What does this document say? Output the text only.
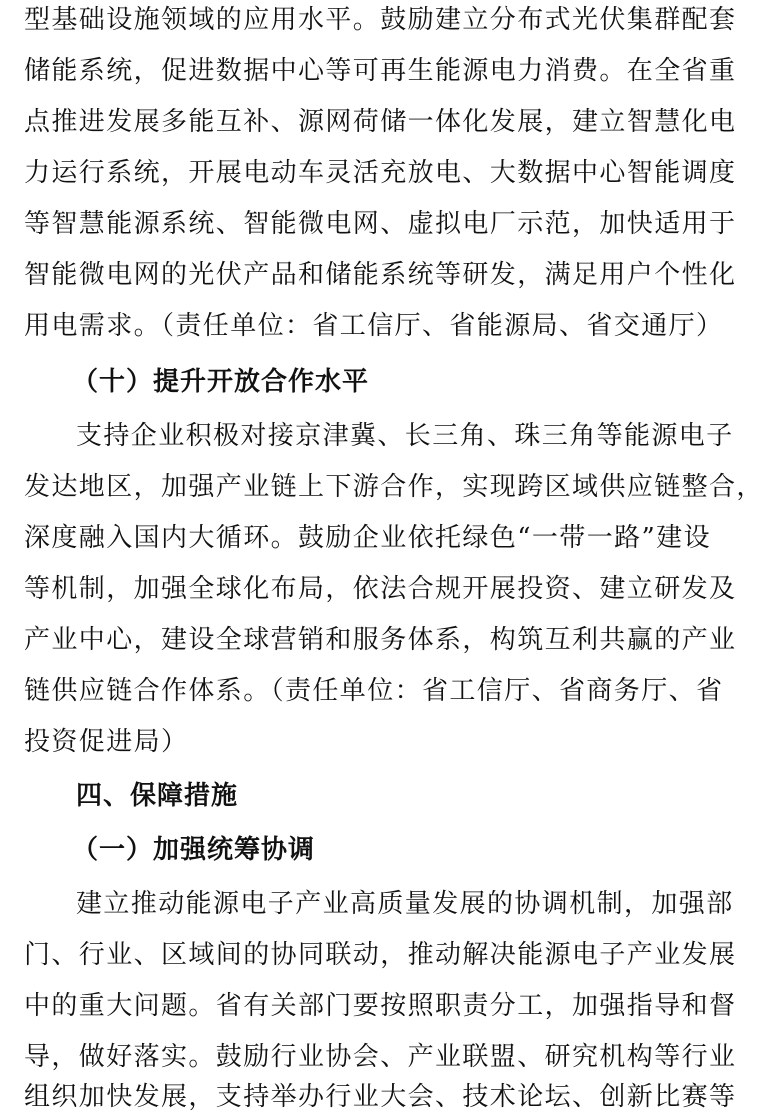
型基础设施领域的应用水平。鼓励建立分布式光伏集群配套
储能系统，促进数据中心等可再生能源电力消费。在全省重
点推进发展多能互补、源网荷储一体化发展，建立智慧化电
力运行系统，开展电动车灵活充放电、大数据中心智能调度
等智慧能源系统、智能微电网、虚拟电厂示范，加快适用于
智能微电网的光伏产品和储能系统等研发，满足用户个性化
用电需求。（责任单位：省工信厅、省能源局、省交通厅）
（十）提升开放合作水平
支持企业积极对接京津冀、长三角、珠三角等能源电子
发达地区，加强产业链上下游合作，实现跨区域供应链整合，
深度融入国内大循环。鼓励企业依托绿色“一带一路”建设
等机制，加强全球化布局，依法合规开展投资、建立研发及
产业中心，建设全球营销和服务体系，构筑互利共赢的产业
链供应链合作体系。（责任单位：省工信厅、省商务厅、省
投资促进局）
四、保障措施
（一）加强统筹协调
建立推动能源电子产业高质量发展的协调机制，加强部
门、行业、区域间的协同联动，推动解决能源电子产业发展
中的重大问题。省有关部门要按照职责分工，加强指导和督
导，做好落实。鼓励行业协会、产业联盟、研究机构等行业
组织加快发展，支持举办行业大会、技术论坛、创新比赛等
